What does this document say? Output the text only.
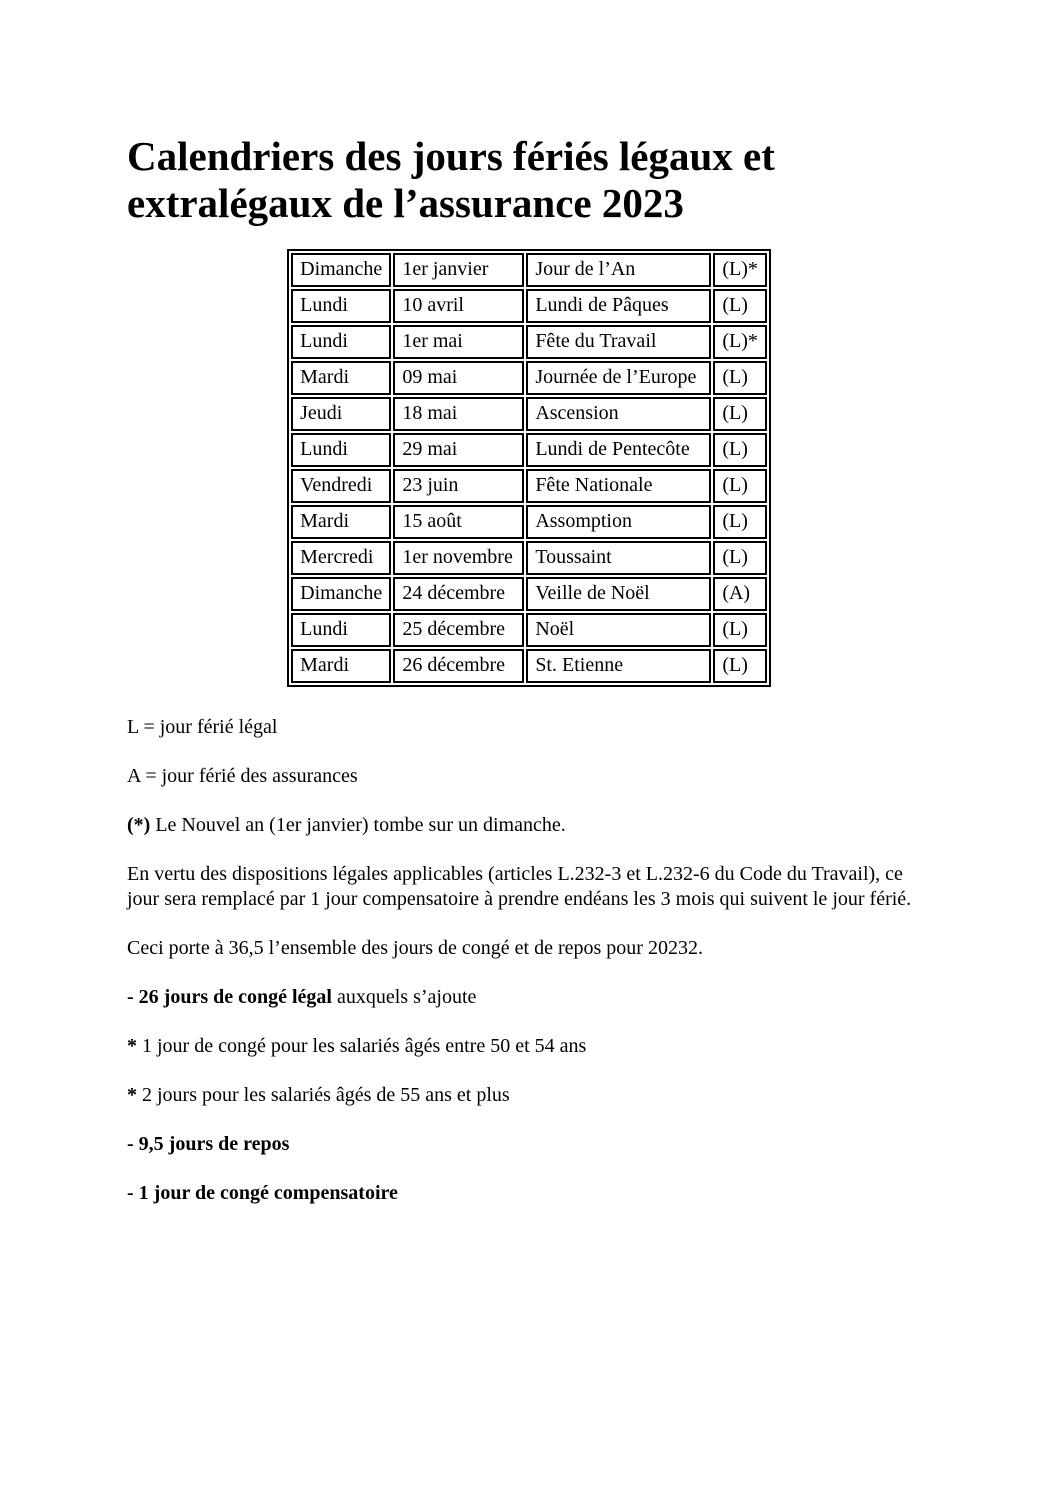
Calendriers des jours fériés légaux et extralégaux de l’assurance 2023
Dimanche	1er janvier	Jour de l’An	(L)*
Lundi	10 avril	Lundi de Pâques	(L)
Lundi	1er mai	Fête du Travail	(L)*
Mardi	09 mai	Journée de l’Europe	(L)
Jeudi	18 mai	Ascension	(L)
Lundi	29 mai	Lundi de Pentecôte	(L)
Vendredi	23 juin	Fête Nationale	(L)
Mardi	15 août	Assomption	(L)
Mercredi	1er novembre	Toussaint	(L)
Dimanche	24 décembre	Veille de Noël	(A)
Lundi	25 décembre	Noël	(L)
Mardi	26 décembre	St. Etienne	(L)

L = jour férié légal

A = jour férié des assurances

(*) Le Nouvel an (1er janvier) tombe sur un dimanche.

En vertu des dispositions légales applicables (articles L.232-3 et L.232-6 du Code du Travail), ce jour sera remplacé par 1 jour compensatoire à prendre endéans les 3 mois qui suivent le jour férié.

Ceci porte à 36,5 l’ensemble des jours de congé et de repos pour 20232.

- 26 jours de congé légal auxquels s’ajoute

* 1 jour de congé pour les salariés âgés entre 50 et 54 ans

* 2 jours pour les salariés âgés de 55 ans et plus

- 9,5 jours de repos

- 1 jour de congé compensatoire
